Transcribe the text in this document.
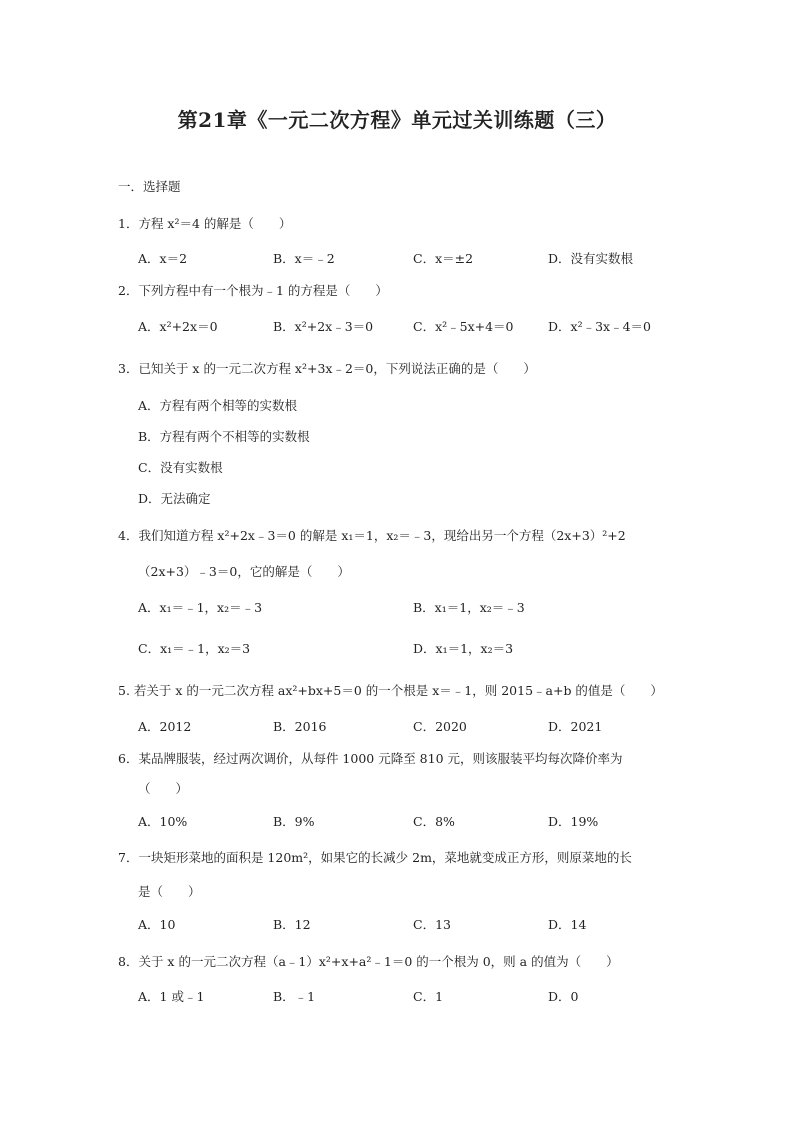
第21章《一元二次方程》单元过关训练题（三）
一．选择题
1．方程 x²＝4 的解是（　　）
A．x＝2	B．x＝﹣2	C．x＝±2	D．没有实数根
2．下列方程中有一个根为﹣1 的方程是（　　）
A．x²+2x＝0	B．x²+2x﹣3＝0	C．x²﹣5x+4＝0	D．x²﹣3x﹣4＝0
3．已知关于 x 的一元二次方程 x²+3x﹣2＝0，下列说法正确的是（　　）
A．方程有两个相等的实数根
B．方程有两个不相等的实数根
C．没有实数根
D．无法确定
4．我们知道方程 x²+2x﹣3＝0 的解是 x₁＝1，x₂＝﹣3，现给出另一个方程（2x+3）²+2
（2x+3）﹣3＝0，它的解是（　　）
A．x₁＝﹣1，x₂＝﹣3	B．x₁＝1，x₂＝﹣3
C．x₁＝﹣1，x₂＝3	D．x₁＝1，x₂＝3
5. 若关于 x 的一元二次方程 ax²+bx+5＝0 的一个根是 x＝﹣1，则 2015﹣a+b 的值是（　　）
A．2012	B．2016	C．2020	D．2021
6．某品牌服装，经过两次调价，从每件 1000 元降至 810 元，则该服装平均每次降价率为
（　　）
A．10%	B．9%	C．8%	D．19%
7．一块矩形菜地的面积是 120m²，如果它的长减少 2m，菜地就变成正方形，则原菜地的长
是（　　）
A．10	B．12	C．13	D．14
8．关于 x 的一元二次方程（a﹣1）x²+x+a²﹣1＝0 的一个根为 0，则 a 的值为（　　）
A．1 或﹣1	B．﹣1	C．1	D．0
